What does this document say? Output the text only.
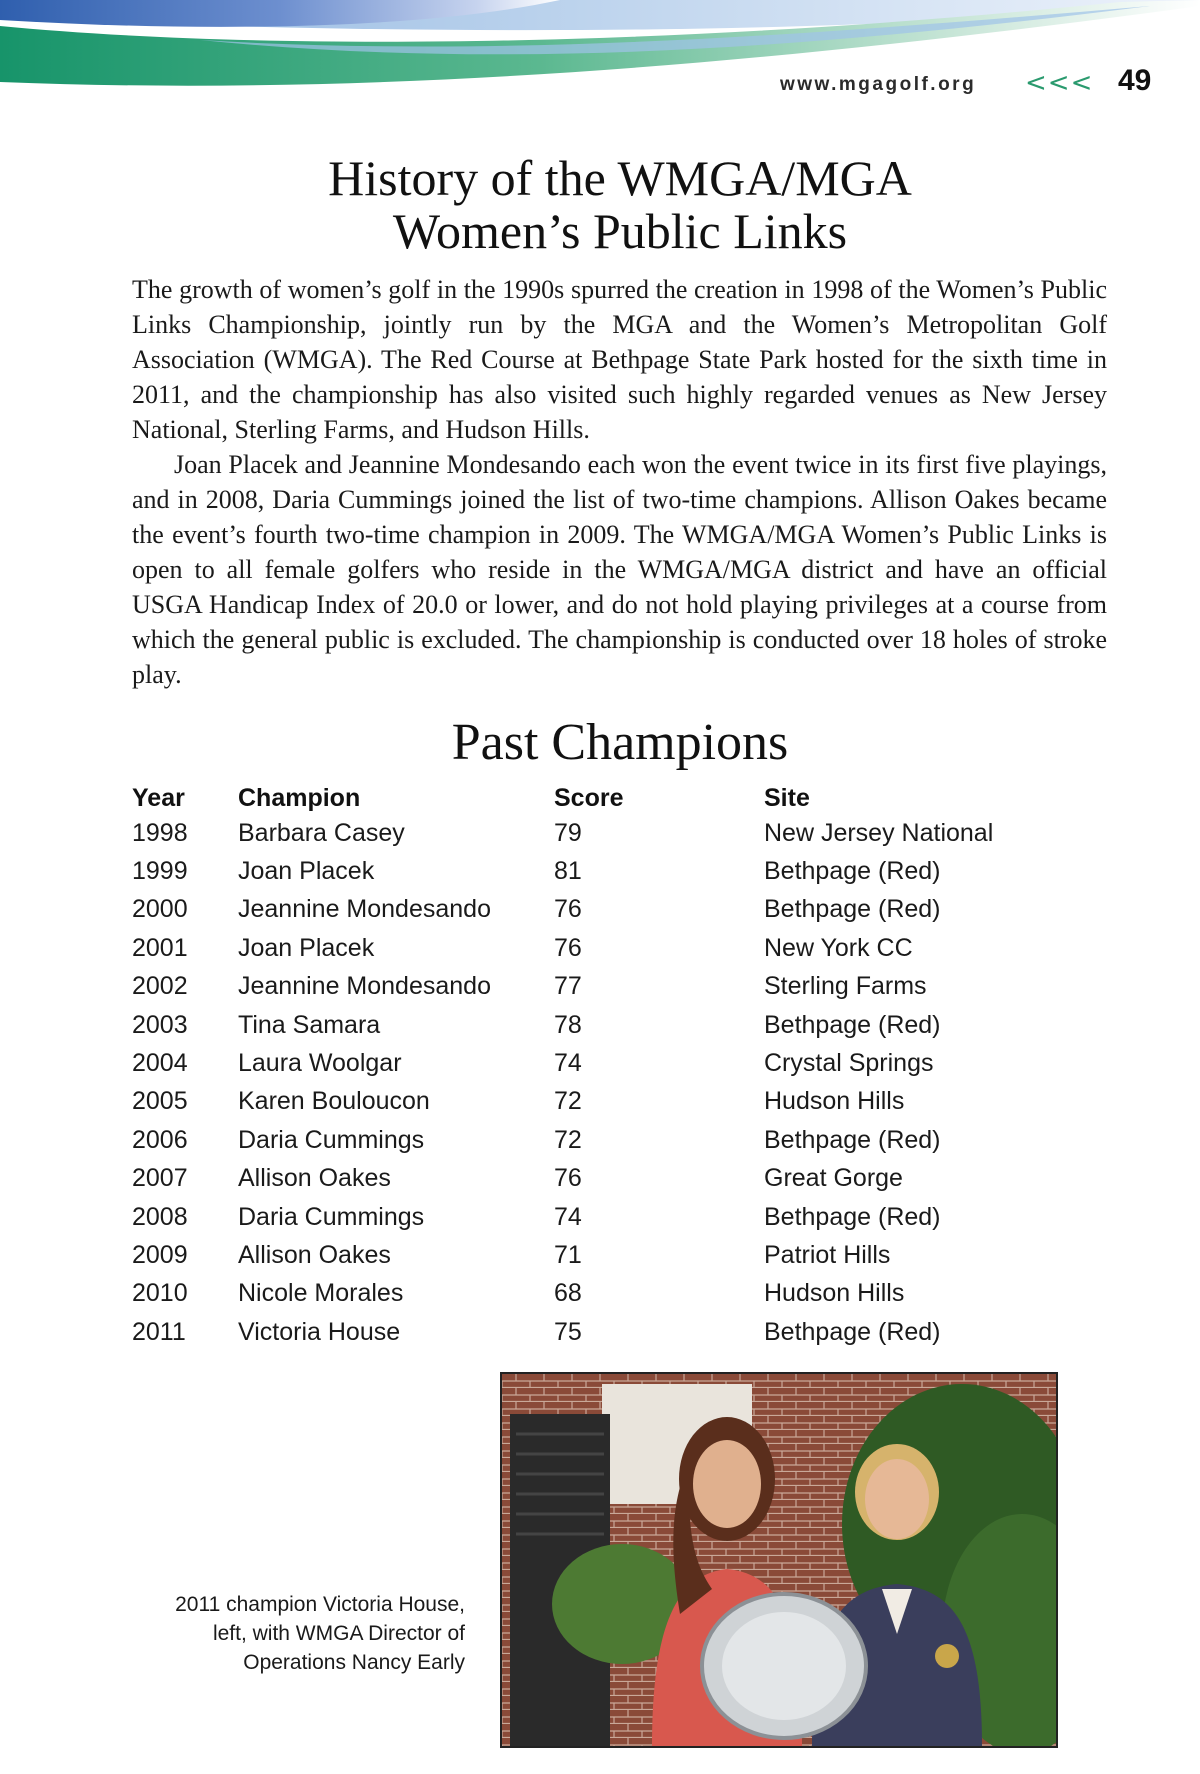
www.mgagolf.org	<<< 49
History of the WMGA/MGA
Women’s Public Links

The growth of women’s golf in the 1990s spurred the creation in 1998 of the Women’s Public Links Championship, jointly run by the MGA and the Women’s Metropolitan Golf Association (WMGA). The Red Course at Bethpage State Park hosted for the sixth time in 2011, and the championship has also visited such highly regarded venues as New Jersey National, Sterling Farms, and Hudson Hills.

Joan Placek and Jeannine Mondesando each won the event twice in its first five playings, and in 2008, Daria Cummings joined the list of two-time champions. Allison Oakes became the event’s fourth two-time champion in 2009. The WMGA/MGA Women’s Public Links is open to all female golfers who reside in the WMGA/MGA district and have an official USGA Handicap Index of 20.0 or lower, and do not hold playing privileges at a course from which the general public is excluded. The championship is conducted over 18 holes of stroke play.

Past Champions
Year	Champion	Score	Site
1998	Barbara Casey	79	New Jersey National
1999	Joan Placek	81	Bethpage (Red)
2000	Jeannine Mondesando	76	Bethpage (Red)
2001	Joan Placek	76	New York CC
2002	Jeannine Mondesando	77	Sterling Farms
2003	Tina Samara	78	Bethpage (Red)
2004	Laura Woolgar	74	Crystal Springs
2005	Karen Bouloucon	72	Hudson Hills
2006	Daria Cummings	72	Bethpage (Red)
2007	Allison Oakes	76	Great Gorge
2008	Daria Cummings	74	Bethpage (Red)
2009	Allison Oakes	71	Patriot Hills
2010	Nicole Morales	68	Hudson Hills
2011	Victoria House	75	Bethpage (Red)
2011 champion Victoria House,
left, with WMGA Director of
Operations Nancy Early
